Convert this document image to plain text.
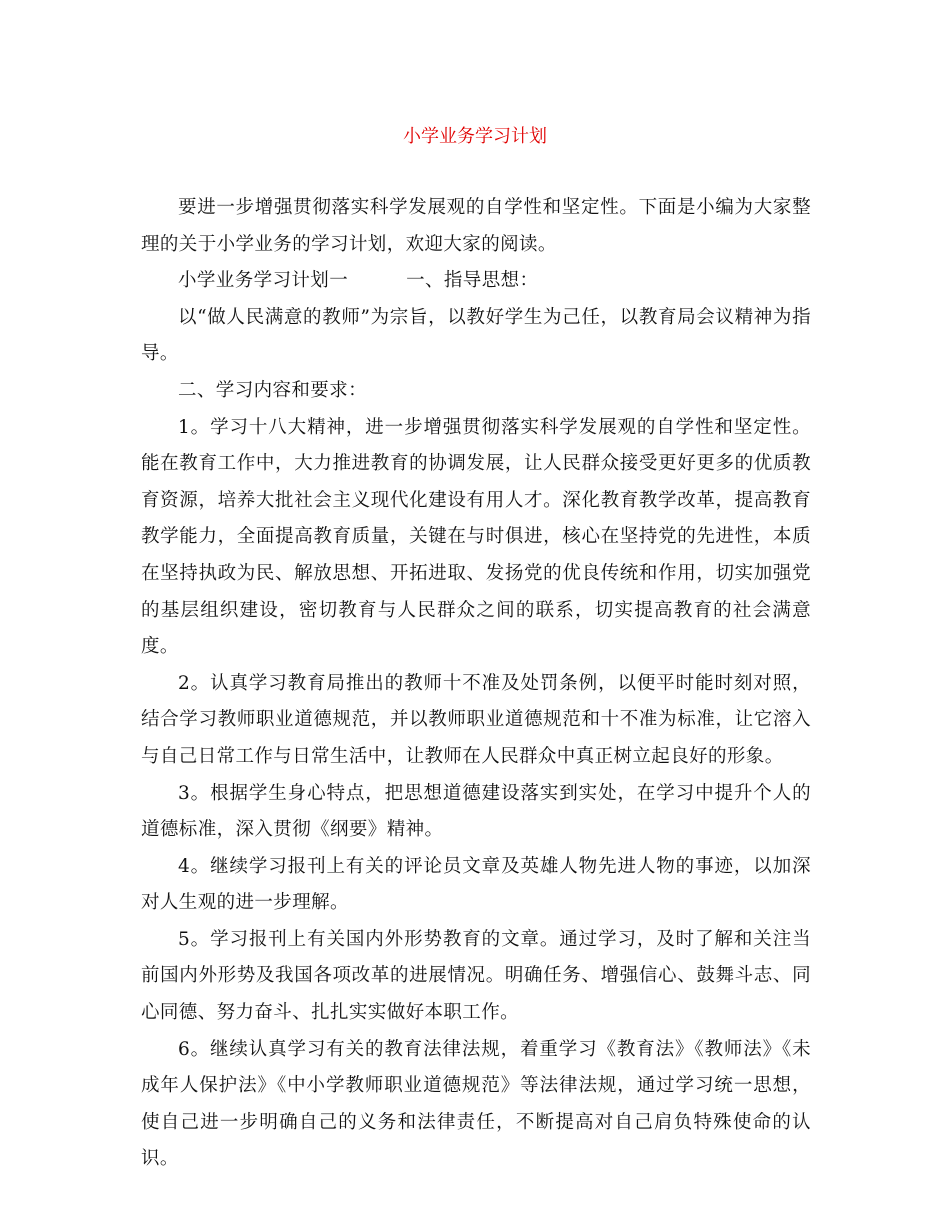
小学业务学习计划

要进一步增强贯彻落实科学发展观的自学性和坚定性。下面是小编为大家整理的关于小学业务的学习计划，欢迎大家的阅读。

小学业务学习计划一	一、指导思想：

以“做人民满意的教师”为宗旨，以教好学生为己任，以教育局会议精神为指导。

二、学习内容和要求：

1。学习十八大精神，进一步增强贯彻落实科学发展观的自学性和坚定性。能在教育工作中，大力推进教育的协调发展，让人民群众接受更好更多的优质教育资源，培养大批社会主义现代化建设有用人才。深化教育教学改革，提高教育教学能力，全面提高教育质量，关键在与时俱进，核心在坚持党的先进性，本质在坚持执政为民、解放思想、开拓进取、发扬党的优良传统和作用，切实加强党的基层组织建设，密切教育与人民群众之间的联系，切实提高教育的社会满意度。

2。认真学习教育局推出的教师十不准及处罚条例，以便平时能时刻对照，结合学习教师职业道德规范，并以教师职业道德规范和十不准为标准，让它溶入与自己日常工作与日常生活中，让教师在人民群众中真正树立起良好的形象。

3。根据学生身心特点，把思想道德建设落实到实处，在学习中提升个人的道德标准，深入贯彻《纲要》精神。

4。继续学习报刊上有关的评论员文章及英雄人物先进人物的事迹，以加深对人生观的进一步理解。

5。学习报刊上有关国内外形势教育的文章。通过学习，及时了解和关注当前国内外形势及我国各项改革的进展情况。明确任务、增强信心、鼓舞斗志、同心同德、努力奋斗、扎扎实实做好本职工作。

6。继续认真学习有关的教育法律法规，着重学习《教育法》《教师法》《未成年人保护法》《中小学教师职业道德规范》等法律法规，通过学习统一思想，使自己进一步明确自己的义务和法律责任，不断提高对自己肩负特殊使命的认识。
